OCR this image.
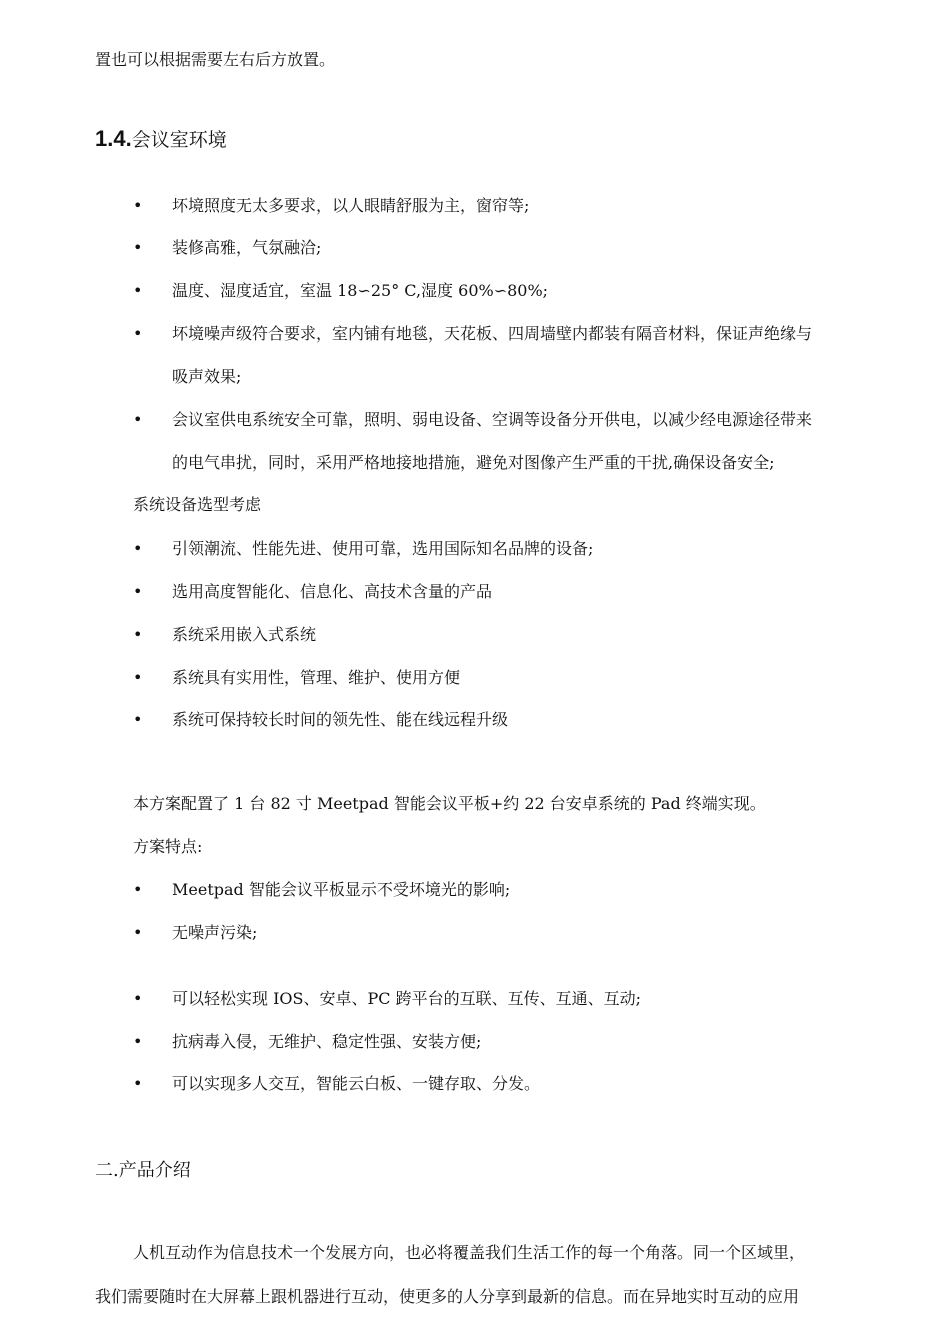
置也可以根据需要左右后方放置。
1.4.会议室环境
• 坏境照度无太多要求，以人眼睛舒服为主，窗帘等;
• 装修高雅，气氛融洽;
• 温度、湿度适宜，室温 18∽25° C,湿度 60%∽80%;
• 坏境噪声级符合要求，室内铺有地毯，天花板、四周墙壁内都装有隔音材料，保证声绝缘与
吸声效果;
• 会议室供电系统安全可靠，照明、弱电设备、空调等设备分开供电，以减少经电源途径带来
的电气串扰，同时，采用严格地接地措施，避免对图像产生严重的干扰,确保设备安全;
系统设备选型考虑
• 引领潮流、性能先进、使用可靠，选用国际知名品牌的设备;
• 选用高度智能化、信息化、高技术含量的产品
• 系统采用嵌入式系统
• 系统具有实用性，管理、维护、使用方便
• 系统可保持较长时间的领先性、能在线远程升级
本方案配置了 1 台 82 寸 Meetpad 智能会议平板+约 22 台安卓系统的 Pad 终端实现。
方案特点:
• Meetpad 智能会议平板显示不受坏境光的影响;
• 无噪声污染;
• 可以轻松实现 IOS、安卓、PC 跨平台的互联、互传、互通、互动;
• 抗病毒入侵，无维护、稳定性强、安装方便;
• 可以实现多人交互，智能云白板、一键存取、分发。
二.产品介绍
人机互动作为信息技术一个发展方向，也必将覆盖我们生活工作的每一个角落。同一个区域里，
我们需要随时在大屏幕上跟机器进行互动，使更多的人分享到最新的信息。而在异地实时互动的应用
